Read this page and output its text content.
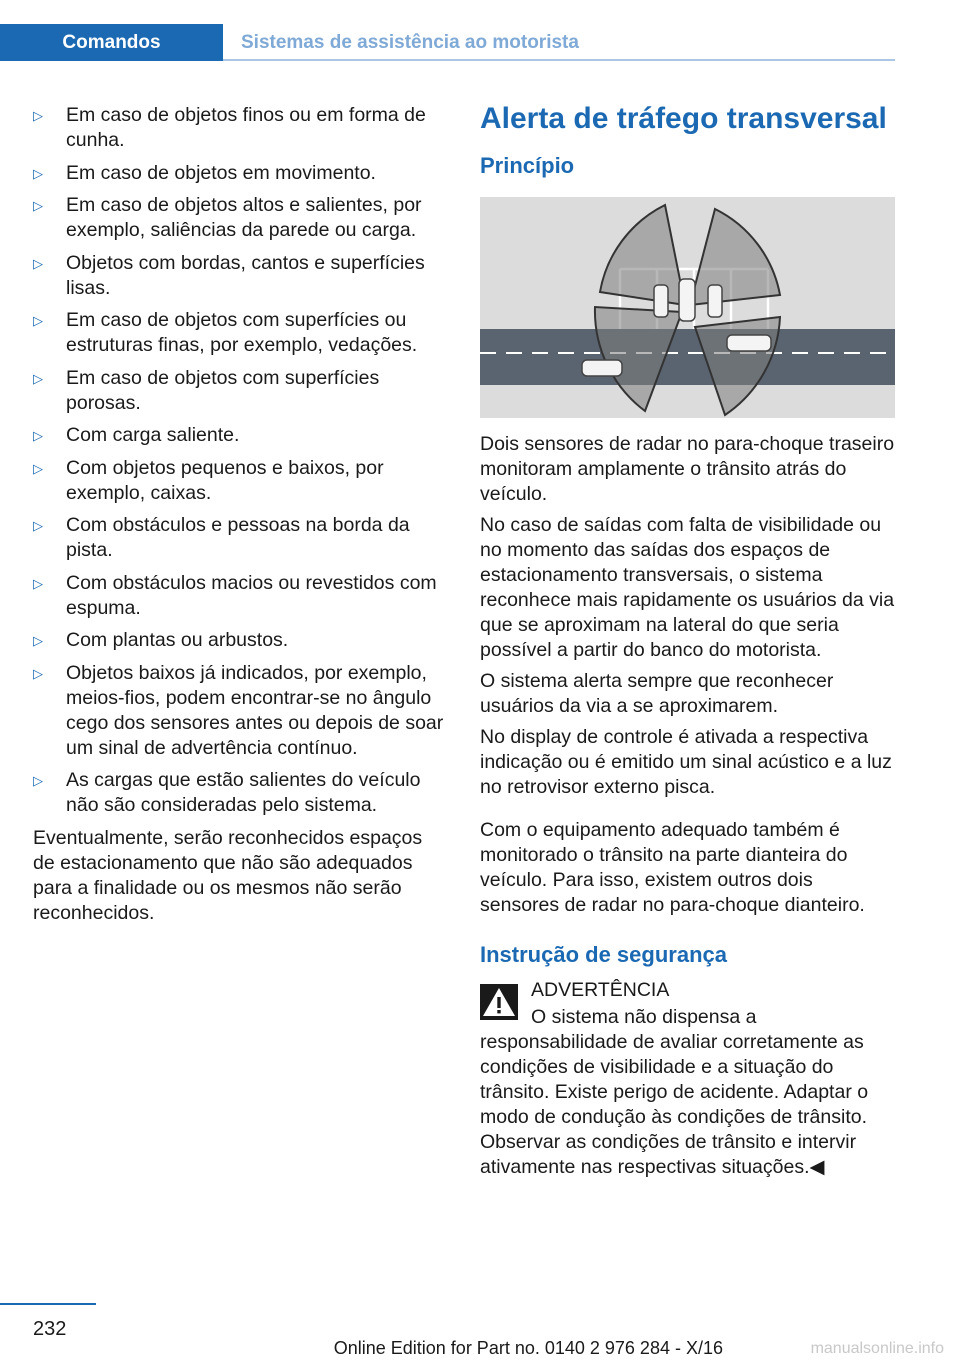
Comandos	Sistemas de assistência ao motorista
▷	Em caso de objetos finos ou em forma de cunha.
▷	Em caso de objetos em movimento.
▷	Em caso de objetos altos e salientes, por exemplo, saliências da parede ou carga.
▷	Objetos com bordas, cantos e superfícies lisas.
▷	Em caso de objetos com superfícies ou estruturas finas, por exemplo, vedações.
▷	Em caso de objetos com superfícies porosas.
▷	Com carga saliente.
▷	Com objetos pequenos e baixos, por exemplo, caixas.
▷	Com obstáculos e pessoas na borda da pista.
▷	Com obstáculos macios ou revestidos com espuma.
▷	Com plantas ou arbustos.
▷	Objetos baixos já indicados, por exemplo, meios-fios, podem encontrar-se no ângulo cego dos sensores antes ou depois de soar um sinal de advertência contínuo.
▷	As cargas que estão salientes do veículo não são consideradas pelo sistema.

Eventualmente, serão reconhecidos espaços de estacionamento que não são adequados para a finalidade ou os mesmos não serão reconhecidos.

Alerta de tráfego transversal
Princípio

Dois sensores de radar no para-choque traseiro monitoram amplamente o trânsito atrás do veículo.

No caso de saídas com falta de visibilidade ou no momento das saídas dos espaços de estacionamento transversais, o sistema reconhece mais rapidamente os usuários da via que se aproximam na lateral do que seria possível a partir do banco do motorista.

O sistema alerta sempre que reconhecer usuários da via a se aproximarem.

No display de controle é ativada a respectiva indicação ou é emitido um sinal acústico e a luz no retrovisor externo pisca.

Com o equipamento adequado também é monitorado o trânsito na parte dianteira do veículo. Para isso, existem outros dois sensores de radar no para-choque dianteiro.

Instrução de segurança
ADVERTÊNCIA
O sistema não dispensa a responsabilidade de avaliar corretamente as condições de visibilidade e a situação do trânsito. Existe perigo de acidente. Adaptar o modo de condução às condições de trânsito. Observar as condições de trânsito e intervir ativamente nas respectivas situações.◀
232
Online Edition for Part no. 0140 2 976 284 - X/16	manualsonline.info
